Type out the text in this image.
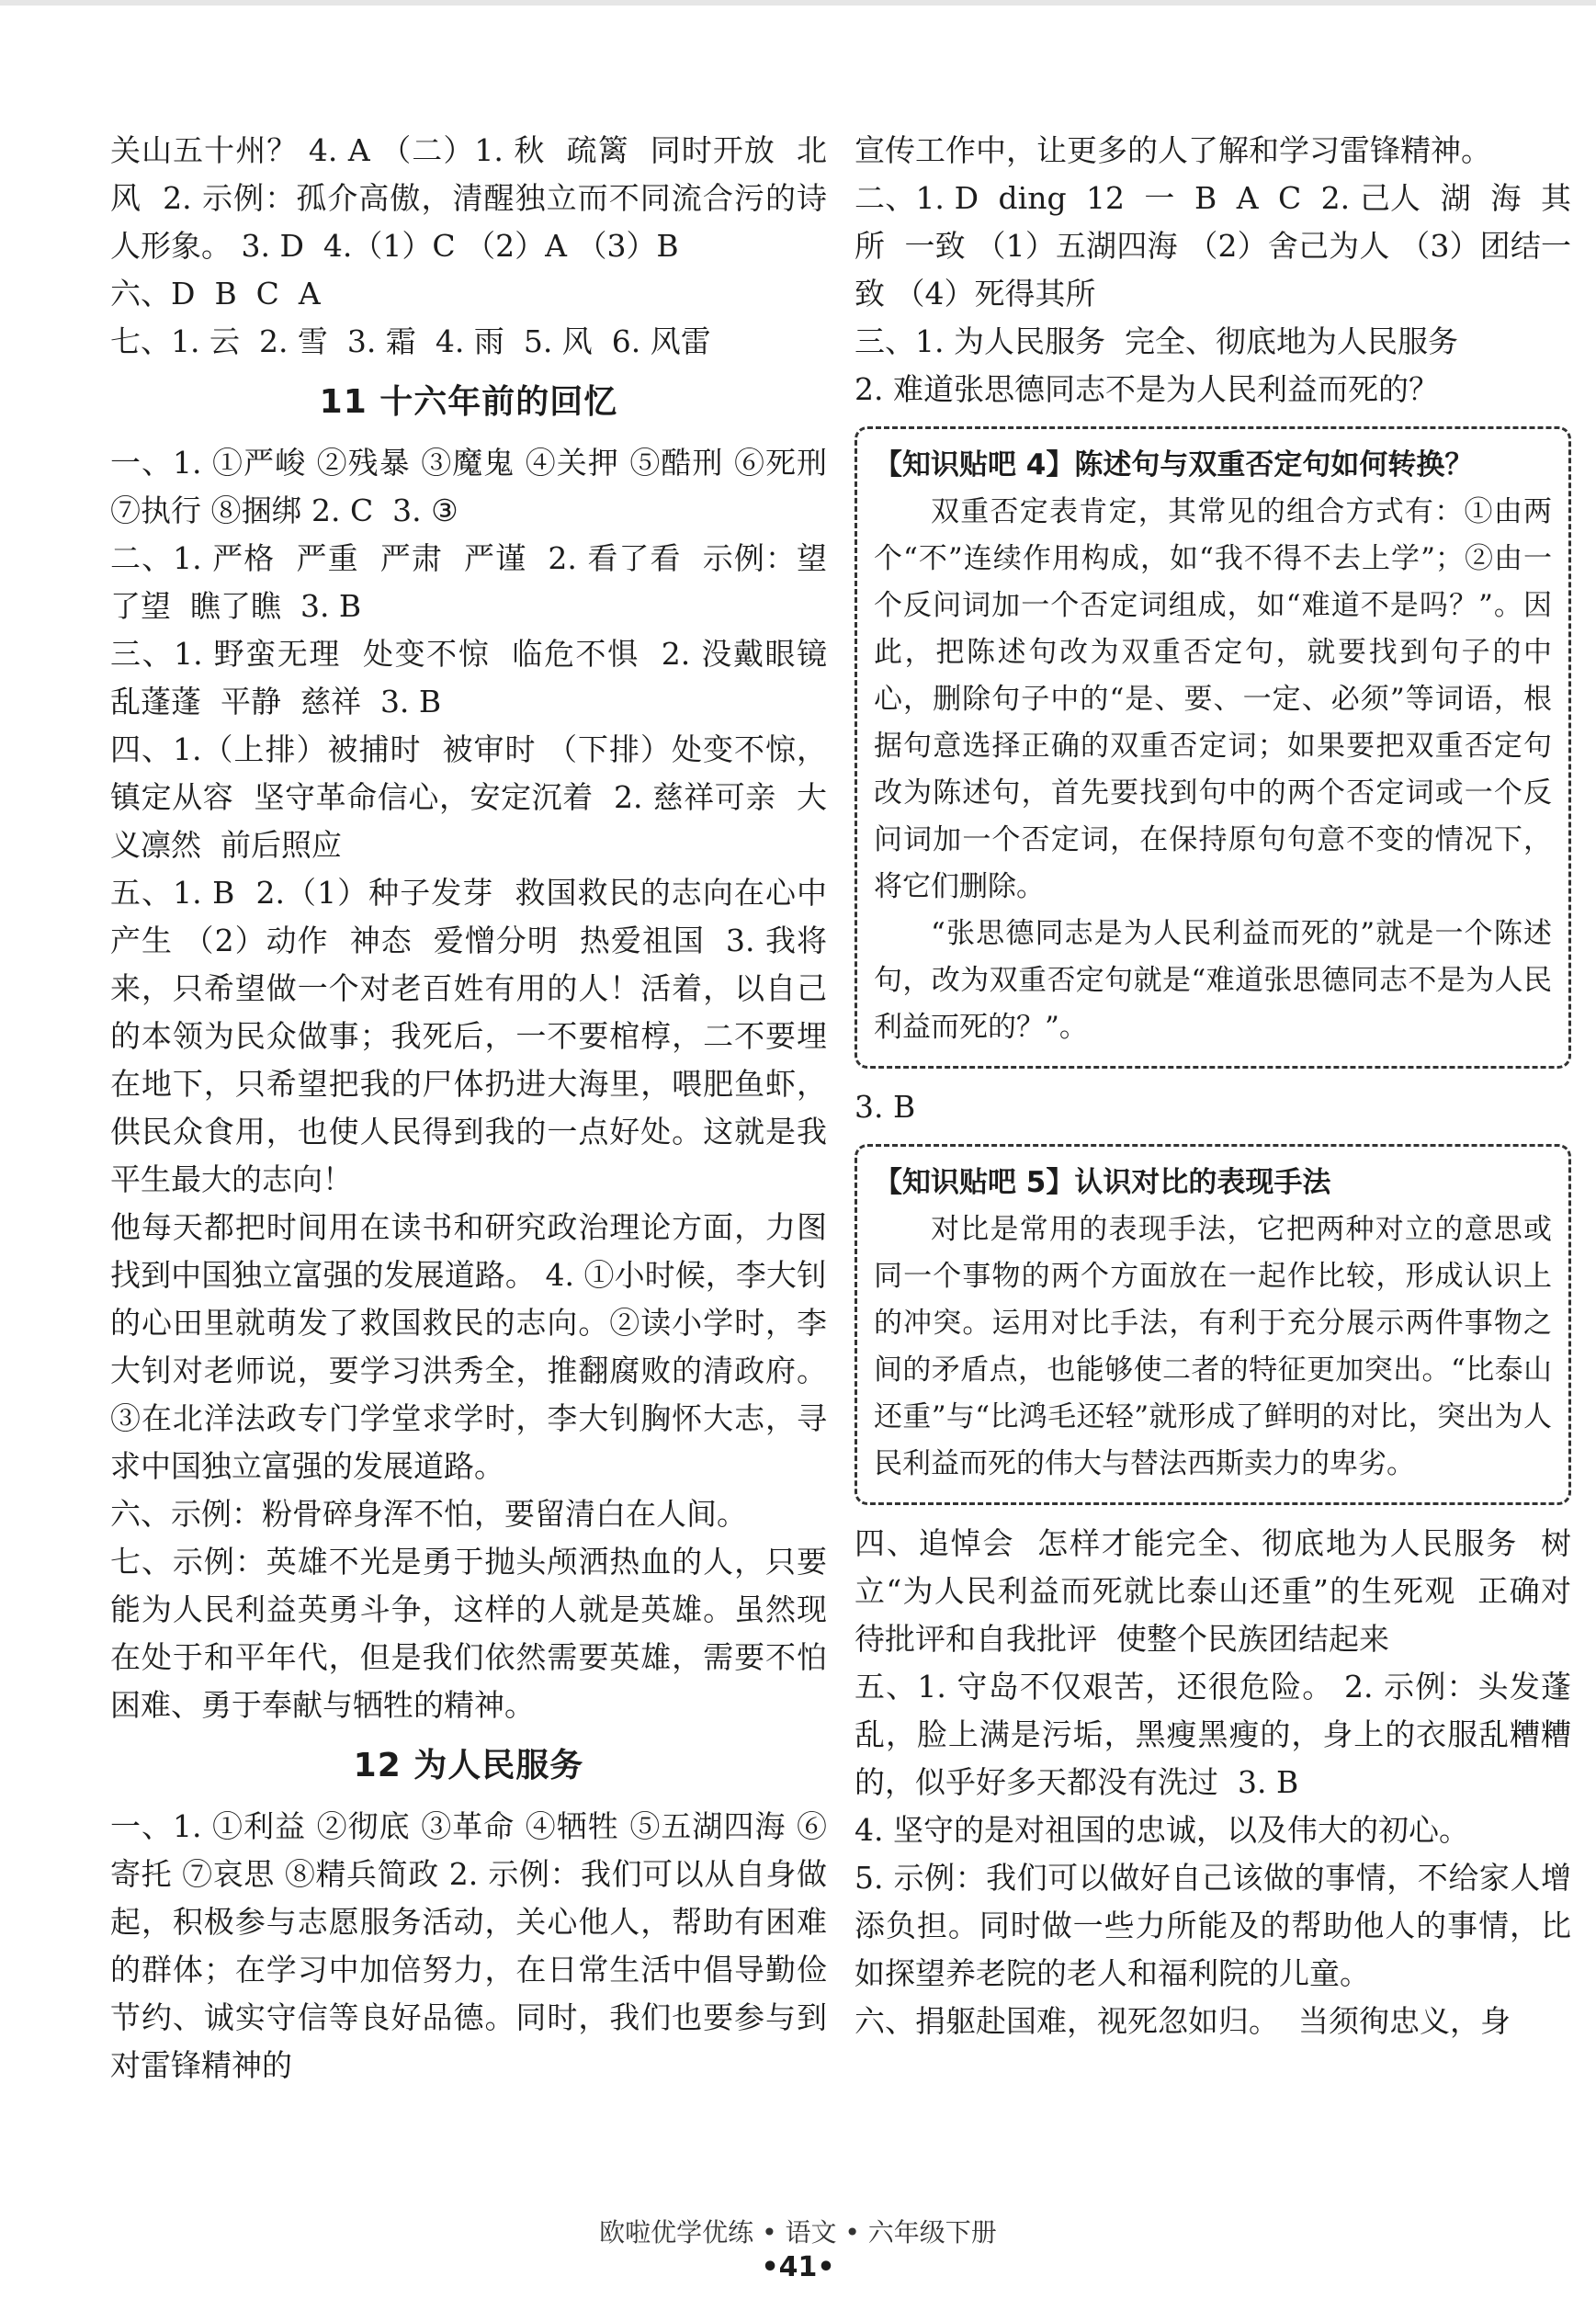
关山五十州？ 4. A （二）1. 秋  疏篱  同时开放  北风  2. 示例：孤介高傲，清醒独立而不同流合污的诗人形象。 3. D  4.（1）C （2）A （3）B

六、D  B  C  A

七、1. 云  2. 雪  3. 霜  4. 雨  5. 风  6. 风雷

11 十六年前的回忆

一、1. ①严峻 ②残暴 ③魔鬼 ④关押 ⑤酷刑 ⑥死刑 ⑦执行 ⑧捆绑 2. C  3. ③

二、1. 严格  严重  严肃  严谨  2. 看了看  示例：望了望  瞧了瞧  3. B

三、1. 野蛮无理  处变不惊  临危不惧  2. 没戴眼镜  乱蓬蓬  平静  慈祥  3. B

四、1.（上排）被捕时  被审时 （下排）处变不惊，镇定从容  坚守革命信心，安定沉着  2. 慈祥可亲  大义凛然  前后照应

五、1. B  2.（1）种子发芽  救国救民的志向在心中产生 （2）动作  神态  爱憎分明  热爱祖国  3. 我将来，只希望做一个对老百姓有用的人！活着，以自己的本领为民众做事；我死后，一不要棺椁，二不要埋在地下，只希望把我的尸体扔进大海里，喂肥鱼虾，供民众食用，也使人民得到我的一点好处。这就是我平生最大的志向！

他每天都把时间用在读书和研究政治理论方面，力图找到中国独立富强的发展道路。 4. ①小时候，李大钊的心田里就萌发了救国救民的志向。②读小学时，李大钊对老师说，要学习洪秀全，推翻腐败的清政府。③在北洋法政专门学堂求学时，李大钊胸怀大志，寻求中国独立富强的发展道路。

六、示例：粉骨碎身浑不怕，要留清白在人间。

七、示例：英雄不光是勇于抛头颅洒热血的人，只要能为人民利益英勇斗争，这样的人就是英雄。虽然现在处于和平年代，但是我们依然需要英雄，需要不怕困难、勇于奉献与牺牲的精神。

12 为人民服务

一、1. ①利益 ②彻底 ③革命 ④牺牲 ⑤五湖四海 ⑥寄托 ⑦哀思 ⑧精兵简政 2. 示例：我们可以从自身做起，积极参与志愿服务活动，关心他人，帮助有困难的群体；在学习中加倍努力，在日常生活中倡导勤俭节约、诚实守信等良好品德。同时，我们也要参与到对雷锋精神的

宣传工作中，让更多的人了解和学习雷锋精神。

二、1. D  ding  12  一  B  A  C  2. 己人  湖  海  其所  一致 （1）五湖四海 （2）舍己为人 （3）团结一致 （4）死得其所

三、1. 为人民服务  完全、彻底地为人民服务

2. 难道张思德同志不是为人民利益而死的？

【知识贴吧 4】陈述句与双重否定句如何转换？

双重否定表肯定，其常见的组合方式有：①由两个“不”连续作用构成，如“我不得不去上学”；②由一个反问词加一个否定词组成，如“难道不是吗？”。因此，把陈述句改为双重否定句，就要找到句子的中心，删除句子中的“是、要、一定、必须”等词语，根据句意选择正确的双重否定词；如果要把双重否定句改为陈述句，首先要找到句中的两个否定词或一个反问词加一个否定词，在保持原句句意不变的情况下，将它们删除。

“张思德同志是为人民利益而死的”就是一个陈述句，改为双重否定句就是“难道张思德同志不是为人民利益而死的？”。

3. B

【知识贴吧 5】认识对比的表现手法

对比是常用的表现手法，它把两种对立的意思或同一个事物的两个方面放在一起作比较，形成认识上的冲突。运用对比手法，有利于充分展示两件事物之间的矛盾点，也能够使二者的特征更加突出。“比泰山还重”与“比鸿毛还轻”就形成了鲜明的对比，突出为人民利益而死的伟大与替法西斯卖力的卑劣。

四、追悼会  怎样才能完全、彻底地为人民服务  树立“为人民利益而死就比泰山还重”的生死观  正确对待批评和自我批评  使整个民族团结起来

五、1. 守岛不仅艰苦，还很危险。 2. 示例：头发蓬乱，脸上满是污垢，黑瘦黑瘦的，身上的衣服乱糟糟的，似乎好多天都没有洗过  3. B

4. 坚守的是对祖国的忠诚，以及伟大的初心。

5. 示例：我们可以做好自己该做的事情，不给家人增添负担。同时做一些力所能及的帮助他人的事情，比如探望养老院的老人和福利院的儿童。

六、捐躯赴国难，视死忽如归。  当须徇忠义，身

欧啦优学优练 • 语文 • 六年级下册
•41•
